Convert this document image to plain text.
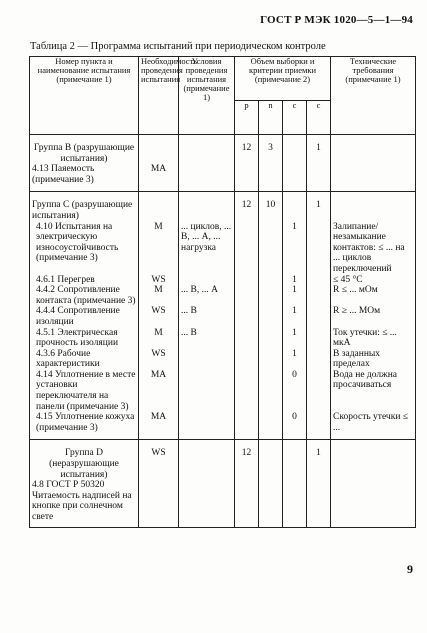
ГОСТ Р МЭК 1020—5—1—94
Таблица 2 — Программа испытаний при периодическом контроле
Номер пункта и наименование испытания (примечание 1)	Необходимость проведения испытания	Условия проведения испытания (примечание 1)	Объем выборки и критерии приемки (примечание 2)				Технические требования (примечание 1)
			p	n	c	c	
Группа B (разрушающие испытания)			12	3		1	
4.13 Паяемость (примечание 3)	MA						
Группа C (разрушающие испытания)			12	10		1	
4.10 Испытания на электрическую износоустойчивость (примечание 3)	M	... циклов, ... В, ... А, ... нагрузка			1		Залипание/незамыкание контактов: ≤ ... на ... циклов переключений
4.6.1 Перегрев	WS				1		≤ 45 °С
4.4.2 Сопротивление контакта (примечание 3)	M	... В, ... А			1		R ≤ ... мОм
4.4.4 Сопротивление изоляции	WS	... В			1		R ≥ ... МОм
4.5.1 Электрическая прочность изоляции	M	... В			1		Ток утечки: ≤ ... мкА
4.3.6 Рабочие характеристики	WS				1		В заданных пределах
4.14 Уплотнение в месте установки переключателя на панели (примечание 3)	MA				0		Вода не должна просачиваться
4.15 Уплотнение кожуха (примечание 3)	MA				0		Скорость утечки ≤ ...
Группа D (неразрушающие испытания)	WS		12			1	
4.8 ГОСТ Р 50320 Читаемость надписей на кнопке при солнечном свете							
9
